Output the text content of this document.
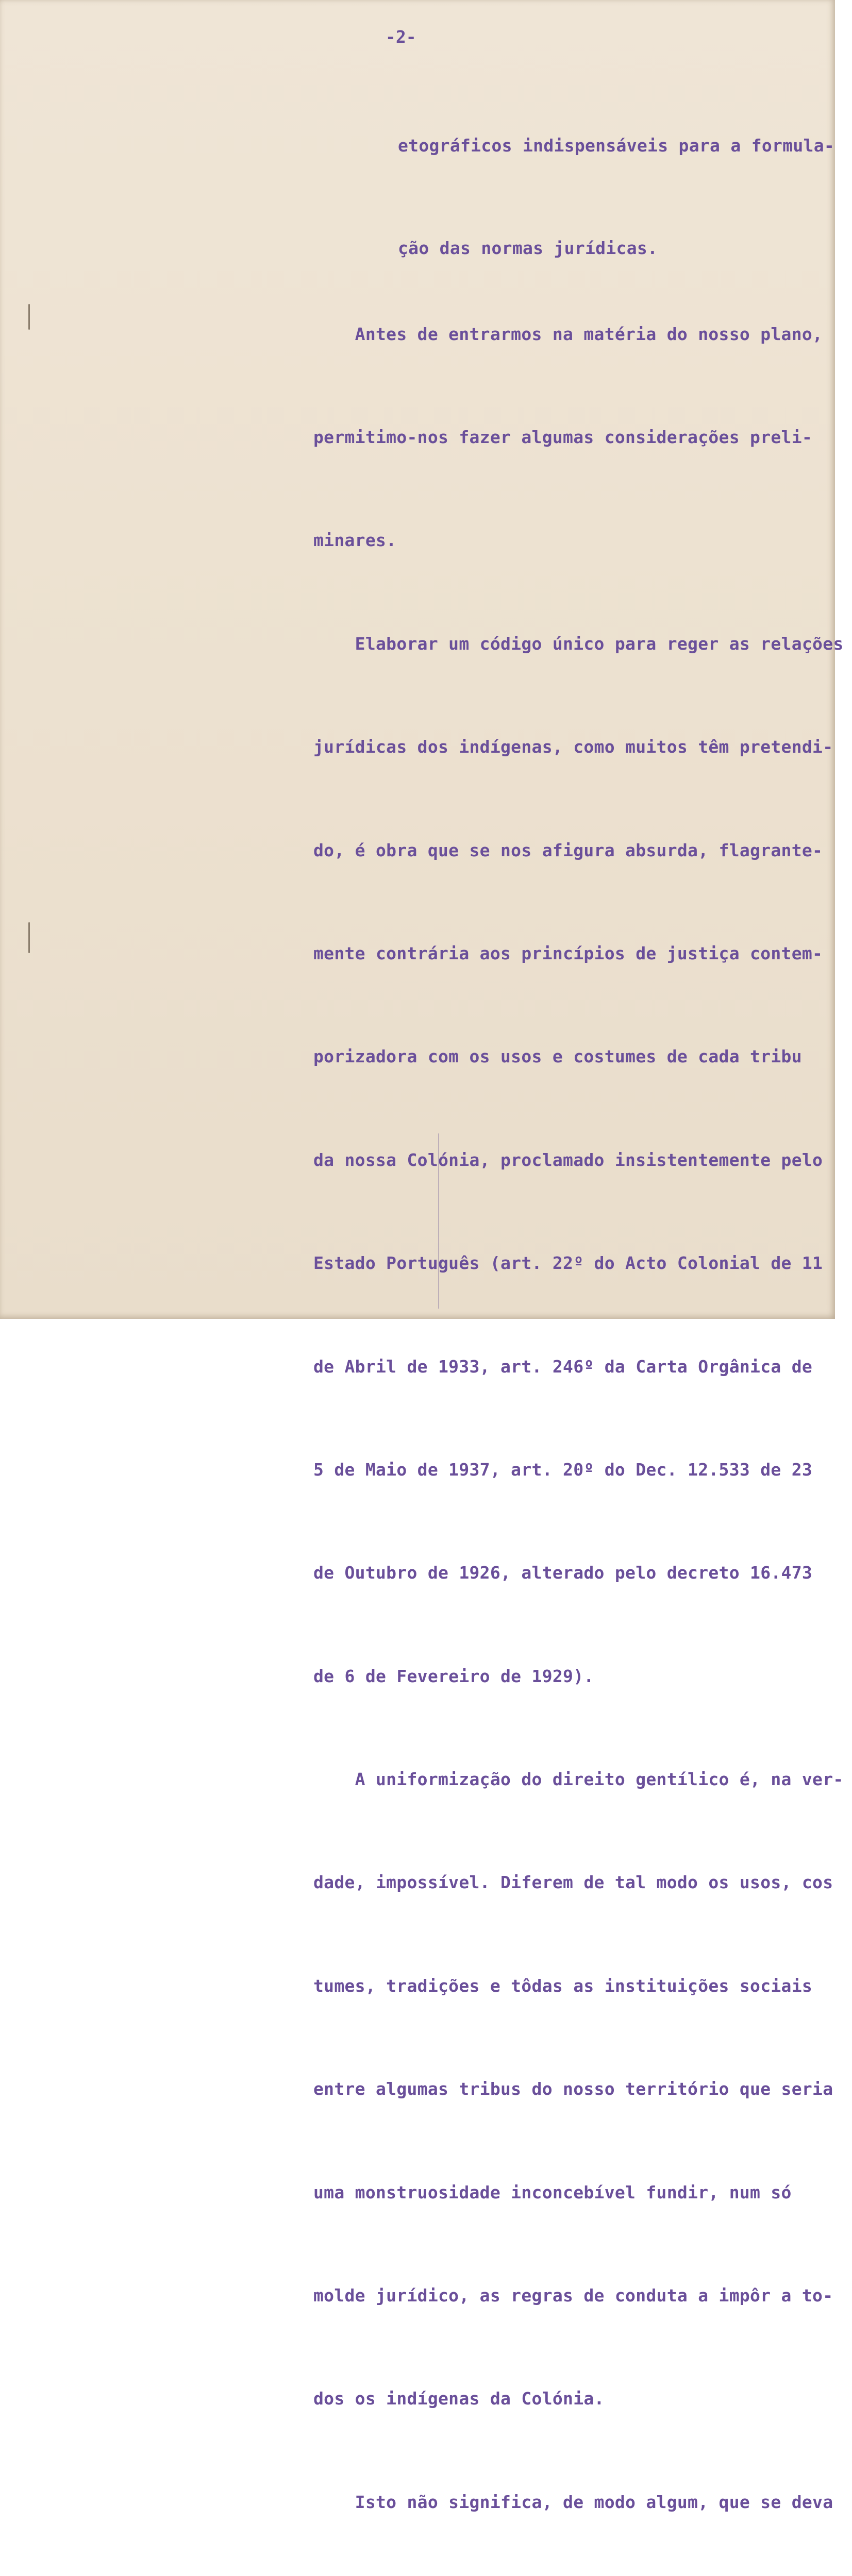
-2-

etográficos indispensáveis para a formula-

ção das normas jurídicas.

Antes de entrarmos na matéria do nosso plano,

permitimo-nos fazer algumas considerações preli-

minares.

Elaborar um código único para reger as relações

jurídicas dos indígenas, como muitos têm pretendi-

do, é obra que se nos afigura absurda, flagrante-

mente contrária aos princípios de justiça contem-

porizadora com os usos e costumes de cada tribu

da nossa Colónia, proclamado insistentemente pelo

Estado Português (art. 22º do Acto Colonial de 11

de Abril de 1933, art. 246º da Carta Orgânica de

5 de Maio de 1937, art. 20º do Dec. 12.533 de 23

de Outubro de 1926, alterado pelo decreto 16.473

de 6 de Fevereiro de 1929).

A uniformização do direito gentílico é, na ver-

dade, impossível. Diferem de tal modo os usos, cos

tumes, tradições e tôdas as instituições sociais

entre algumas tribus do nosso território que seria

uma monstruosidade inconcebível fundir, num só

molde jurídico, as regras de conduta a impôr a to-

dos os indígenas da Colónia.

Isto não significa, de modo algum, que se deva
